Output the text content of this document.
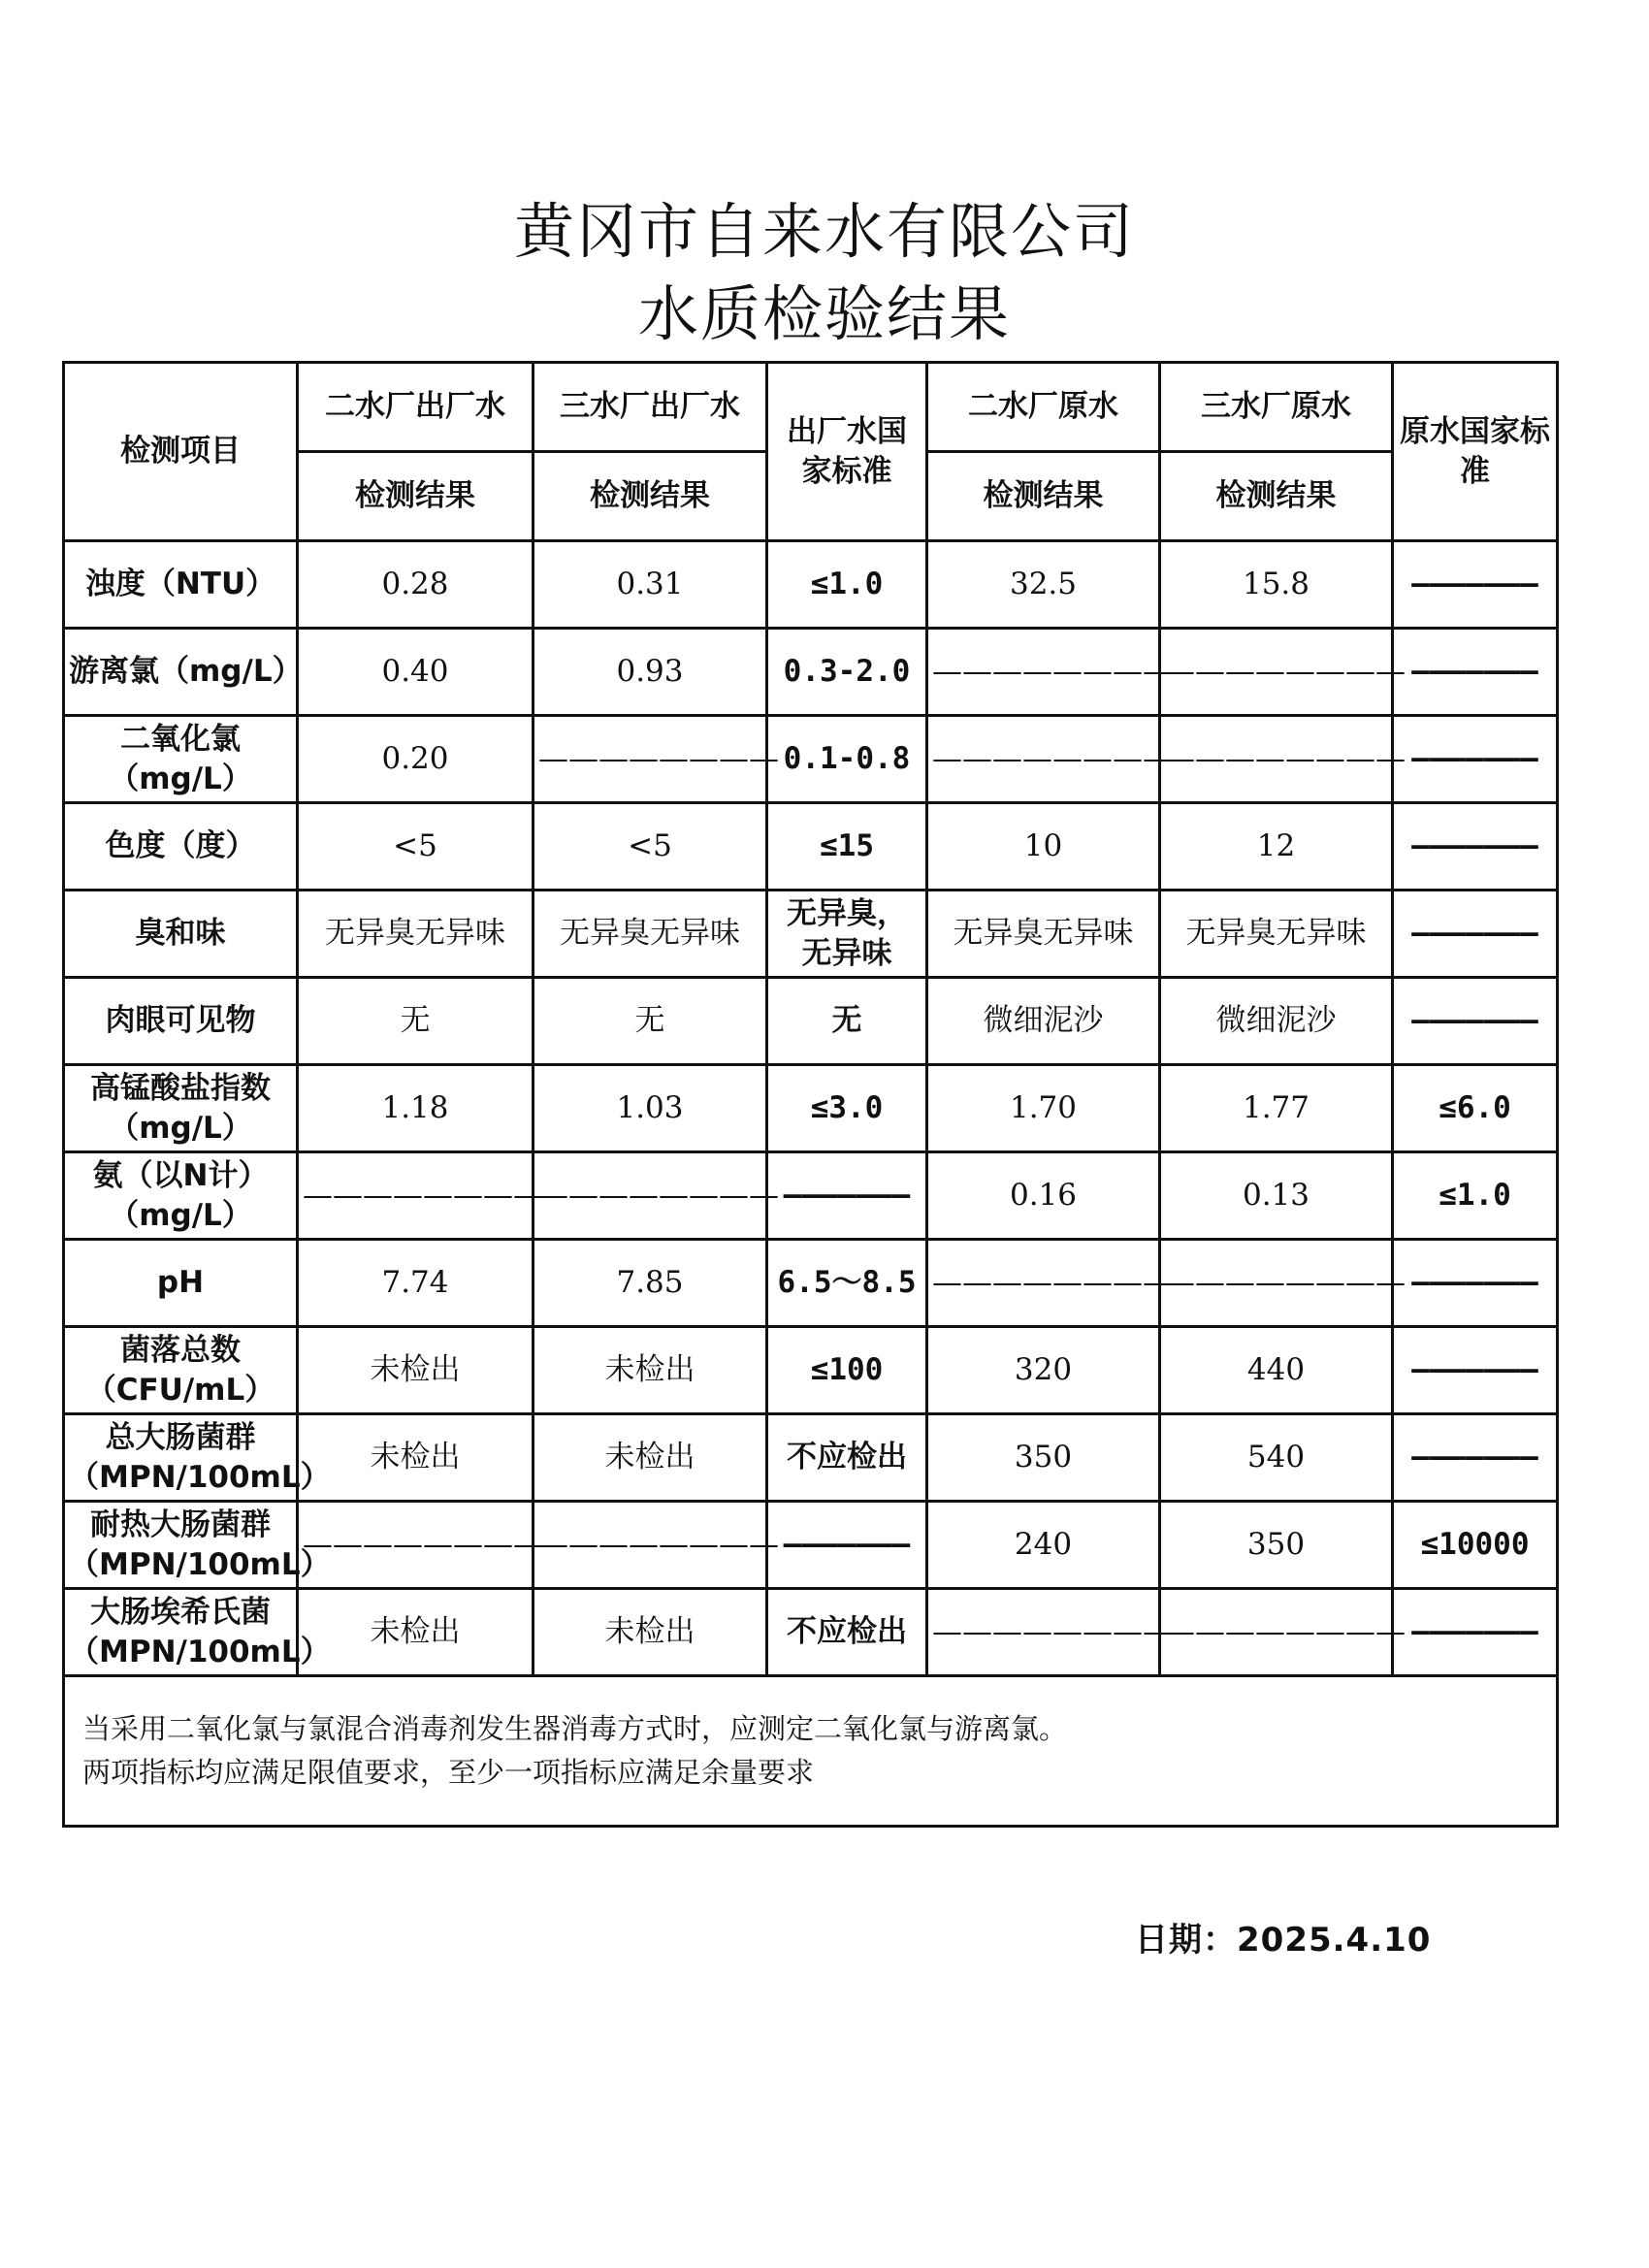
黄冈市自来水有限公司
水质检验结果
检测项目	二水厂出厂水	三水厂出厂水	出厂水国家标准	二水厂原水	三水厂原水	原水国家标准
	检测结果	检测结果		检测结果	检测结果	
浊度（NTU）	0.28	0.31	≤1.0	32.5	15.8	———————
游离氯（mg/L）	0.40	0.93	0.3-2.0	————————	————————	———————
二氧化氯（mg/L）	0.20	————————	0.1-0.8	————————	————————	———————
色度（度）	<5	<5	≤15	10	12	———————
臭和味	无异臭无异味	无异臭无异味	无异臭，无异味	无异臭无异味	无异臭无异味	———————
肉眼可见物	无	无	无	微细泥沙	微细泥沙	———————
高锰酸盐指数（mg/L）	1.18	1.03	≤3.0	1.70	1.77	≤6.0
氨（以N计）（mg/L）	————————	————————	———————	0.16	0.13	≤1.0
pH	7.74	7.85	6.5～8.5	————————	————————	———————
菌落总数（CFU/mL）	未检出	未检出	≤100	320	440	———————
总大肠菌群（MPN/100mL）	未检出	未检出	不应检出	350	540	———————
耐热大肠菌群（MPN/100mL）	————————	————————	———————	240	350	≤10000
大肠埃希氏菌（MPN/100mL）	未检出	未检出	不应检出	————————	————————	———————

当采用二氧化氯与氯混合消毒剂发生器消毒方式时，应测定二氧化氯与游离氯。
两项指标均应满足限值要求，至少一项指标应满足余量要求						
日期：2025.4.10
